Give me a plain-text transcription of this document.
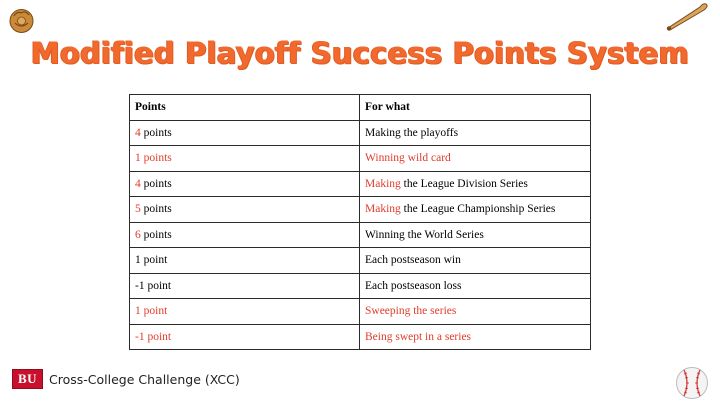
Modified Playoff Success Points System
Points	For what
4 points	Making the playoffs
1 points	Winning wild card
4 points	Making the League Division Series
5 points	Making the League Championship Series
6 points	Winning the World Series
1 point	Each postseason win
-1 point	Each postseason loss
1 point	Sweeping the series
-1 point	Being swept in a series
BU Cross-College Challenge (XCC)
